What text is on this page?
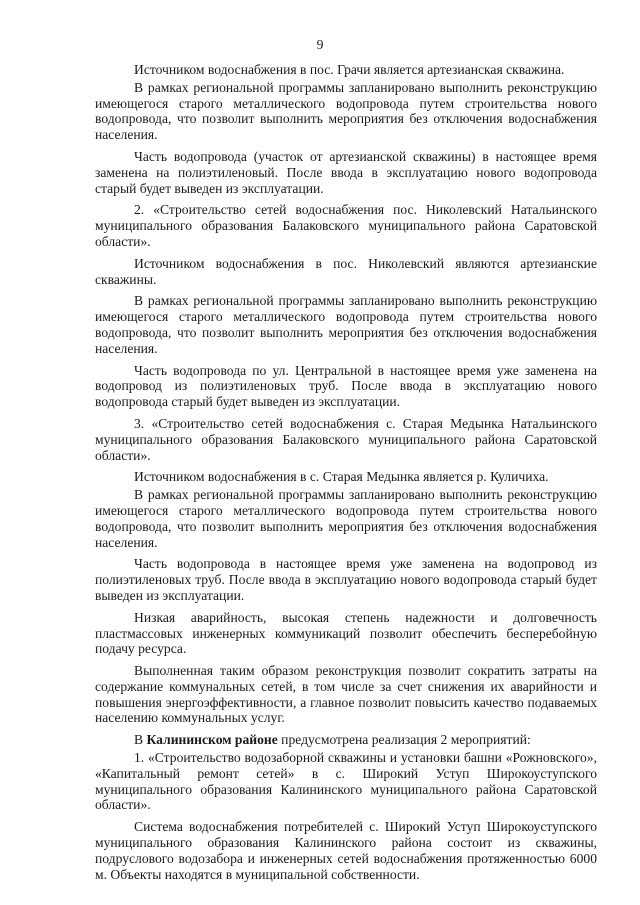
9

Источником водоснабжения в пос. Грачи является артезианская скважина.

В рамках региональной программы запланировано выполнить реконструкцию имеющегося старого металлического водопровода путем строительства нового водопровода, что позволит выполнить мероприятия без отключения водоснабжения населения.

Часть водопровода (участок от артезианской скважины) в настоящее время заменена на полиэтиленовый. После ввода в эксплуатацию нового водопровода старый будет выведен из эксплуатации.

2. «Строительство сетей водоснабжения пос. Николевский Натальинского муниципального образования Балаковского муниципального района Саратовской области».

Источником водоснабжения в пос. Николевский являются артезианские скважины.

В рамках региональной программы запланировано выполнить реконструкцию имеющегося старого металлического водопровода путем строительства нового водопровода, что позволит выполнить мероприятия без отключения водоснабжения населения.

Часть водопровода по ул. Центральной в настоящее время уже заменена на водопровод из полиэтиленовых труб. После ввода в эксплуатацию нового водопровода старый будет выведен из эксплуатации.

3. «Строительство сетей водоснабжения с. Старая Медынка Натальинского муниципального образования Балаковского муниципального района Саратовской области».

Источником водоснабжения в с. Старая Медынка является р. Куличиха.

В рамках региональной программы запланировано выполнить реконструкцию имеющегося старого металлического водопровода путем строительства нового водопровода, что позволит выполнить мероприятия без отключения водоснабжения населения.

Часть водопровода в настоящее время уже заменена на водопровод из полиэтиленовых труб. После ввода в эксплуатацию нового водопровода старый будет выведен из эксплуатации.

Низкая аварийность, высокая степень надежности и долговечность пластмассовых инженерных коммуникаций позволит обеспечить бесперебойную подачу ресурса.

Выполненная таким образом реконструкция позволит сократить затраты на содержание коммунальных сетей, в том числе за счет снижения их аварийности и повышения энергоэффективности, а главное позволит повысить качество подаваемых населению коммунальных услуг.

В Калининском районе предусмотрена реализация 2 мероприятий:

1. «Строительство водозаборной скважины и установки башни «Рожновского», «Капитальный ремонт сетей» в с. Широкий Уступ Широкоуступского муниципального образования Калининского муниципального района Саратовской области».

Система водоснабжения потребителей с. Широкий Уступ Широкоуступского муниципального образования Калининского района состоит из скважины, подруслового водозабора и инженерных сетей водоснабжения протяженностью 6000 м. Объекты находятся в муниципальной собственности.
